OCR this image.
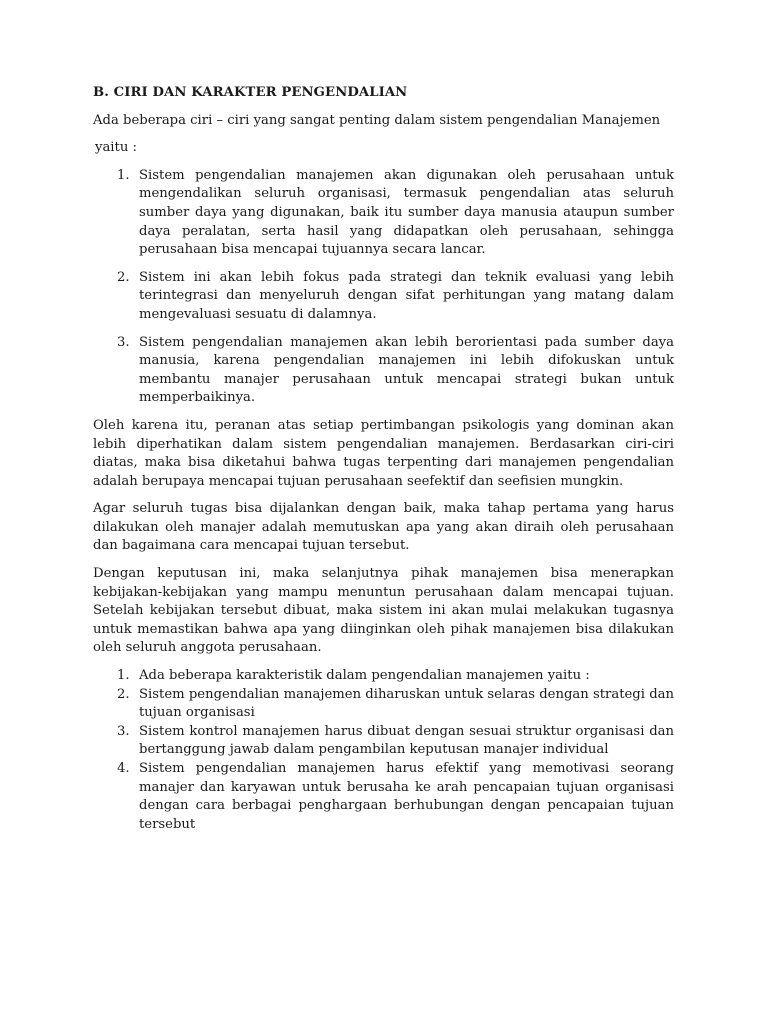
B. CIRI DAN KARAKTER PENGENDALIAN
Ada beberapa ciri – ciri yang sangat penting dalam sistem pengendalian Manajemen
yaitu :
1. Sistem pengendalian manajemen akan digunakan oleh perusahaan untuk mengendalikan seluruh organisasi, termasuk pengendalian atas seluruh sumber daya yang digunakan, baik itu sumber daya manusia ataupun sumber daya peralatan, serta hasil yang didapatkan oleh perusahaan, sehingga perusahaan bisa mencapai tujuannya secara lancar.
2. Sistem ini akan lebih fokus pada strategi dan teknik evaluasi yang lebih terintegrasi dan menyeluruh dengan sifat perhitungan yang matang dalam mengevaluasi sesuatu di dalamnya.
3. Sistem pengendalian manajemen akan lebih berorientasi pada sumber daya manusia, karena pengendalian manajemen ini lebih difokuskan untuk membantu manajer perusahaan untuk mencapai strategi bukan untuk memperbaikinya.

Oleh karena itu, peranan atas setiap pertimbangan psikologis yang dominan akan lebih diperhatikan dalam sistem pengendalian manajemen. Berdasarkan ciri-ciri diatas, maka bisa diketahui bahwa tugas terpenting dari manajemen pengendalian adalah berupaya mencapai tujuan perusahaan seefektif dan seefisien mungkin.

Agar seluruh tugas bisa dijalankan dengan baik, maka tahap pertama yang harus dilakukan oleh manajer adalah memutuskan apa yang akan diraih oleh perusahaan dan bagaimana cara mencapai tujuan tersebut.

Dengan keputusan ini, maka selanjutnya pihak manajemen bisa menerapkan kebijakan-kebijakan yang mampu menuntun perusahaan dalam mencapai tujuan. Setelah kebijakan tersebut dibuat, maka sistem ini akan mulai melakukan tugasnya untuk memastikan bahwa apa yang diinginkan oleh pihak manajemen bisa dilakukan oleh seluruh anggota perusahaan.

1. Ada beberapa karakteristik dalam pengendalian manajemen yaitu :
2. Sistem pengendalian manajemen diharuskan untuk selaras dengan strategi dan tujuan organisasi
3. Sistem kontrol manajemen harus dibuat dengan sesuai struktur organisasi dan bertanggung jawab dalam pengambilan keputusan manajer individual
4. Sistem pengendalian manajemen harus efektif yang memotivasi seorang manajer dan karyawan untuk berusaha ke arah pencapaian tujuan organisasi dengan cara berbagai penghargaan berhubungan dengan pencapaian tujuan tersebut
